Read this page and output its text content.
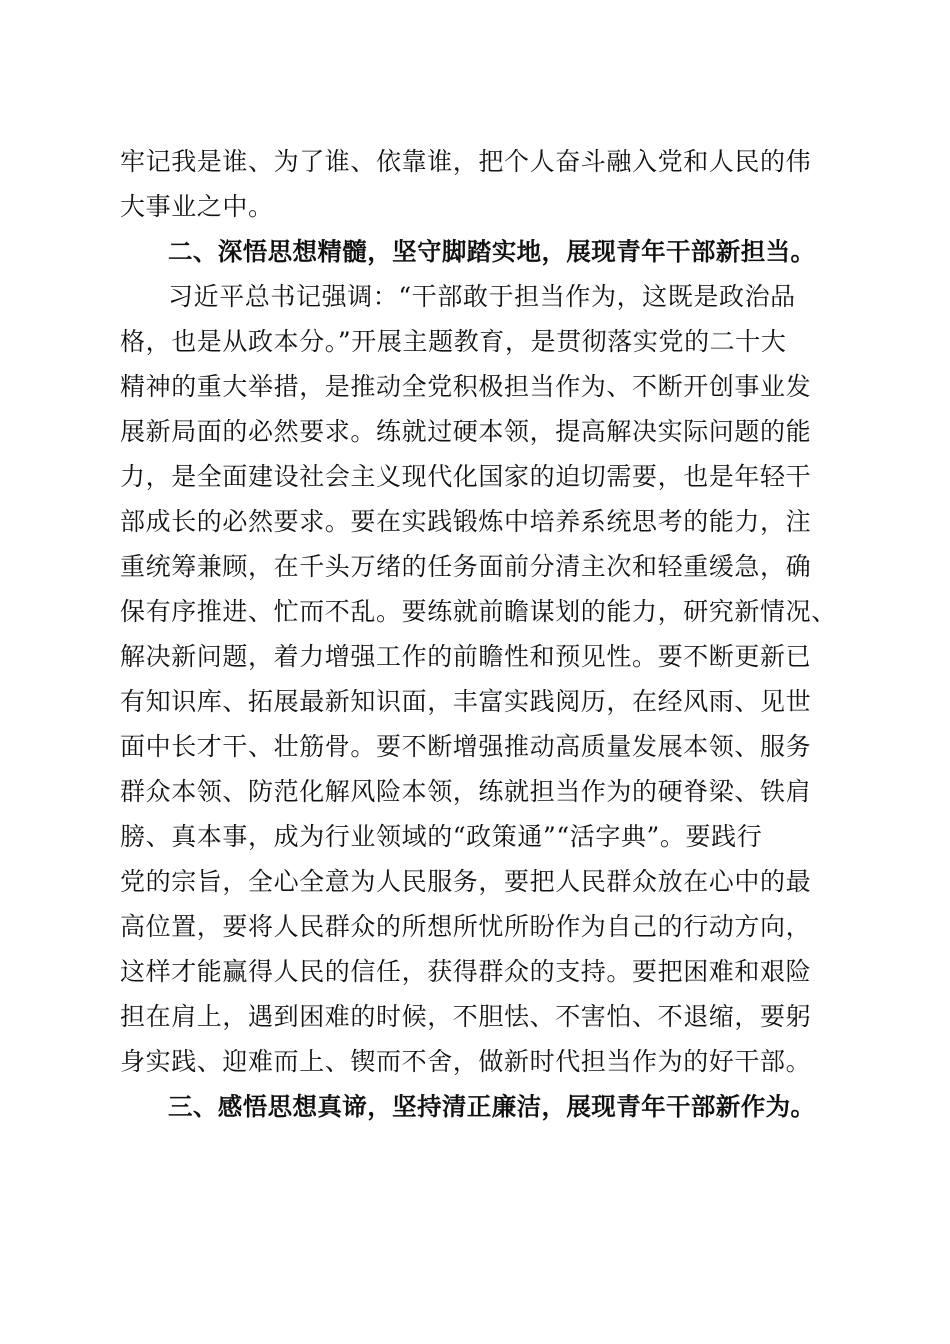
牢记我是谁、为了谁、依靠谁，把个人奋斗融入党和人民的伟
大事业之中。
二、深悟思想精髓，坚守脚踏实地，展现青年干部新担当。
习近平总书记强调：“干部敢于担当作为，这既是政治品
格，也是从政本分。”开展主题教育，是贯彻落实党的二十大
精神的重大举措，是推动全党积极担当作为、不断开创事业发
展新局面的必然要求。练就过硬本领，提高解决实际问题的能
力，是全面建设社会主义现代化国家的迫切需要，也是年轻干
部成长的必然要求。要在实践锻炼中培养系统思考的能力，注
重统筹兼顾，在千头万绪的任务面前分清主次和轻重缓急，确
保有序推进、忙而不乱。要练就前瞻谋划的能力，研究新情况、
解决新问题，着力增强工作的前瞻性和预见性。要不断更新已
有知识库、拓展最新知识面，丰富实践阅历，在经风雨、见世
面中长才干、壮筋骨。要不断增强推动高质量发展本领、服务
群众本领、防范化解风险本领，练就担当作为的硬脊梁、铁肩
膀、真本事，成为行业领域的“政策通”“活字典”。要践行
党的宗旨，全心全意为人民服务，要把人民群众放在心中的最
高位置，要将人民群众的所想所忧所盼作为自己的行动方向，
这样才能赢得人民的信任，获得群众的支持。要把困难和艰险
担在肩上，遇到困难的时候，不胆怯、不害怕、不退缩，要躬
身实践、迎难而上、锲而不舍，做新时代担当作为的好干部。
三、感悟思想真谛，坚持清正廉洁，展现青年干部新作为。
